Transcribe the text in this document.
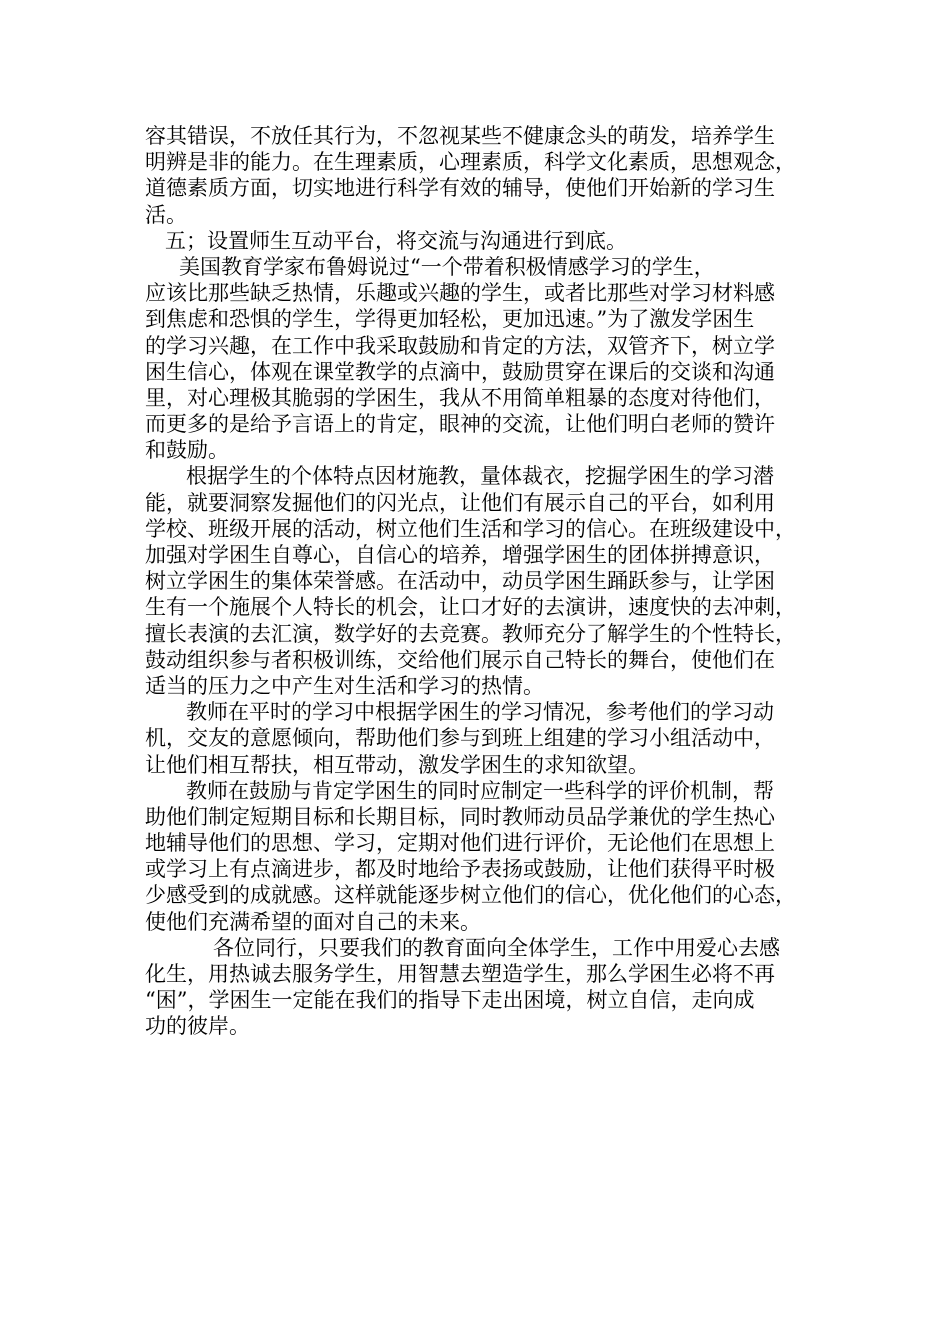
容其错误，不放任其行为，不忽视某些不健康念头的萌发，培养学生
明辨是非的能力。在生理素质，心理素质，科学文化素质，思想观念，
道德素质方面，切实地进行科学有效的辅导，使他们开始新的学习生
活。
五；设置师生互动平台，将交流与沟通进行到底。
美国教育学家布鲁姆说过“一个带着积极情感学习的学生，
应该比那些缺乏热情，乐趣或兴趣的学生，或者比那些对学习材料感
到焦虑和恐惧的学生，学得更加轻松，更加迅速。”为了激发学困生
的学习兴趣，在工作中我采取鼓励和肯定的方法，双管齐下，树立学
困生信心，体观在课堂教学的点滴中，鼓励贯穿在课后的交谈和沟通
里，对心理极其脆弱的学困生，我从不用简单粗暴的态度对待他们，
而更多的是给予言语上的肯定，眼神的交流，让他们明白老师的赞许
和鼓励。
根据学生的个体特点因材施教，量体裁衣，挖掘学困生的学习潜
能，就要洞察发掘他们的闪光点，让他们有展示自己的平台，如利用
学校、班级开展的活动，树立他们生活和学习的信心。在班级建设中，
加强对学困生自尊心，自信心的培养，增强学困生的团体拼搏意识，
树立学困生的集体荣誉感。在活动中，动员学困生踊跃参与，让学困
生有一个施展个人特长的机会，让口才好的去演讲，速度快的去冲刺，
擅长表演的去汇演，数学好的去竞赛。教师充分了解学生的个性特长，
鼓动组织参与者积极训练，交给他们展示自己特长的舞台，使他们在
适当的压力之中产生对生活和学习的热情。
教师在平时的学习中根据学困生的学习情况，参考他们的学习动
机，交友的意愿倾向，帮助他们参与到班上组建的学习小组活动中，
让他们相互帮扶，相互带动，激发学困生的求知欲望。
教师在鼓励与肯定学困生的同时应制定一些科学的评价机制，帮
助他们制定短期目标和长期目标，同时教师动员品学兼优的学生热心
地辅导他们的思想、学习，定期对他们进行评价，无论他们在思想上
或学习上有点滴进步，都及时地给予表扬或鼓励，让他们获得平时极
少感受到的成就感。这样就能逐步树立他们的信心，优化他们的心态，
使他们充满希望的面对自己的未来。
各位同行，只要我们的教育面向全体学生，工作中用爱心去感
化生，用热诚去服务学生，用智慧去塑造学生，那么学困生必将不再
“困”，学困生一定能在我们的指导下走出困境，树立自信，走向成
功的彼岸。
